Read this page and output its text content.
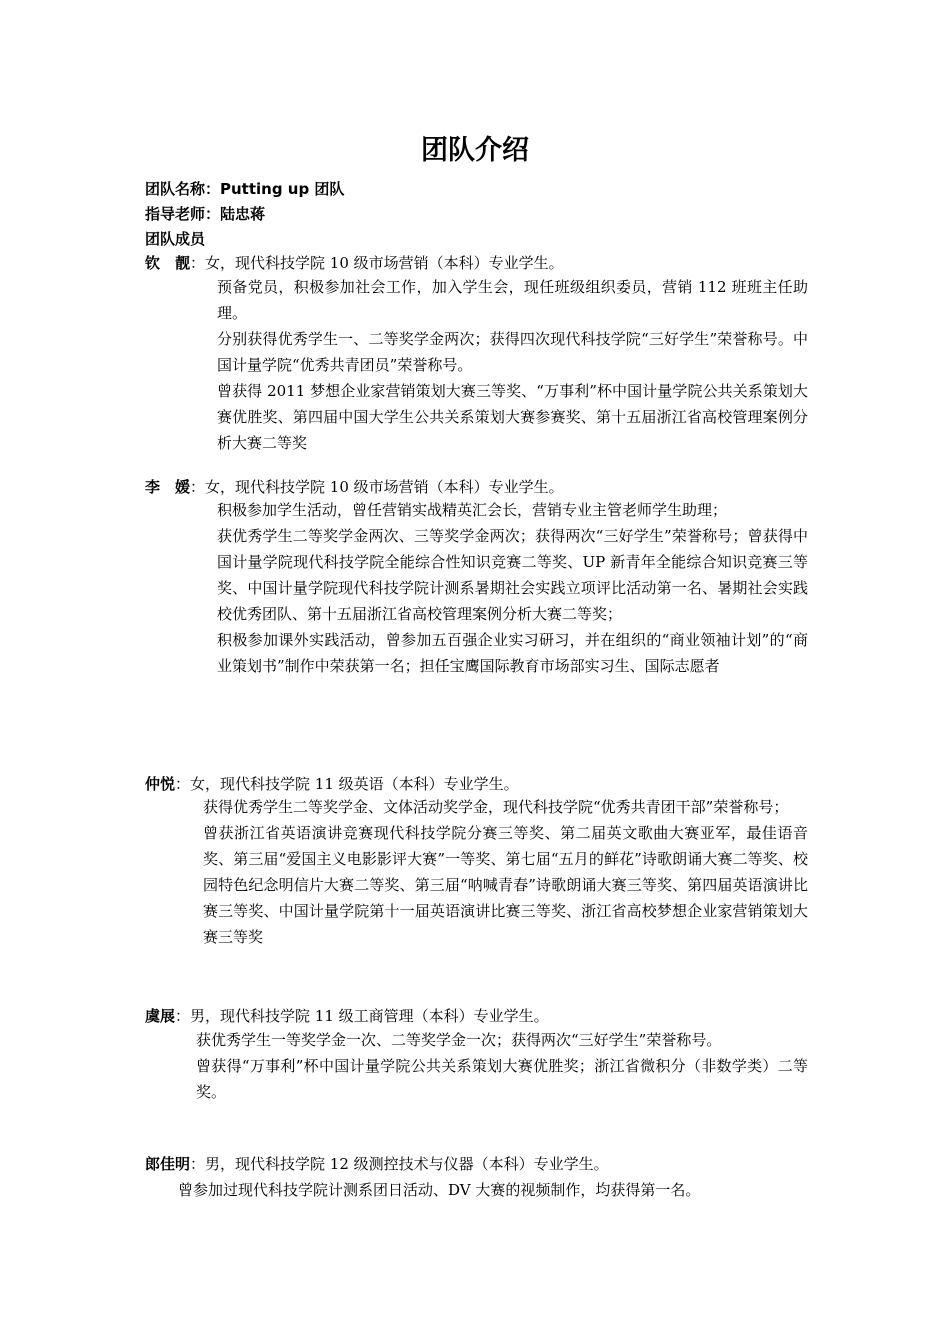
团队介绍
团队名称：Putting up 团队
指导老师：陆忠蒋
团队成员
钦　靓：女，现代科技学院 10 级市场营销（本科）专业学生。

预备党员，积极参加社会工作，加入学生会，现任班级组织委员，营销 112 班班主任助理。

分别获得优秀学生一、二等奖学金两次；获得四次现代科技学院“三好学生”荣誉称号。中国计量学院“优秀共青团员”荣誉称号。

曾获得 2011 梦想企业家营销策划大赛三等奖、“万事利”杯中国计量学院公共关系策划大赛优胜奖、第四届中国大学生公共关系策划大赛参赛奖、第十五届浙江省高校管理案例分析大赛二等奖

李　媛：女，现代科技学院 10 级市场营销（本科）专业学生。

积极参加学生活动，曾任营销实战精英汇会长，营销专业主管老师学生助理；

获优秀学生二等奖学金两次、三等奖学金两次；获得两次“三好学生”荣誉称号；曾获得中国计量学院现代科技学院全能综合性知识竞赛二等奖、UP 新青年全能综合知识竞赛三等奖、中国计量学院现代科技学院计测系暑期社会实践立项评比活动第一名、暑期社会实践校优秀团队、第十五届浙江省高校管理案例分析大赛二等奖；

积极参加课外实践活动，曾参加五百强企业实习研习，并在组织的“商业领袖计划”的“商业策划书”制作中荣获第一名；担任宝鹰国际教育市场部实习生、国际志愿者

仲悦：女，现代科技学院 11 级英语（本科）专业学生。

获得优秀学生二等奖学金、文体活动奖学金，现代科技学院“优秀共青团干部”荣誉称号；

曾获浙江省英语演讲竞赛现代科技学院分赛三等奖、第二届英文歌曲大赛亚军，最佳语音奖、第三届“爱国主义电影影评大赛”一等奖、第七届“五月的鲜花”诗歌朗诵大赛二等奖、校园特色纪念明信片大赛二等奖、第三届“呐喊青春”诗歌朗诵大赛三等奖、第四届英语演讲比赛三等奖、中国计量学院第十一届英语演讲比赛三等奖、浙江省高校梦想企业家营销策划大赛三等奖

虞展：男，现代科技学院 11 级工商管理（本科）专业学生。

获优秀学生一等奖学金一次、二等奖学金一次；获得两次“三好学生”荣誉称号。

曾获得“万事利”杯中国计量学院公共关系策划大赛优胜奖；浙江省微积分（非数学类）二等奖。

郎佳明：男，现代科技学院 12 级测控技术与仪器（本科）专业学生。

曾参加过现代科技学院计测系团日活动、DV 大赛的视频制作，均获得第一名。
